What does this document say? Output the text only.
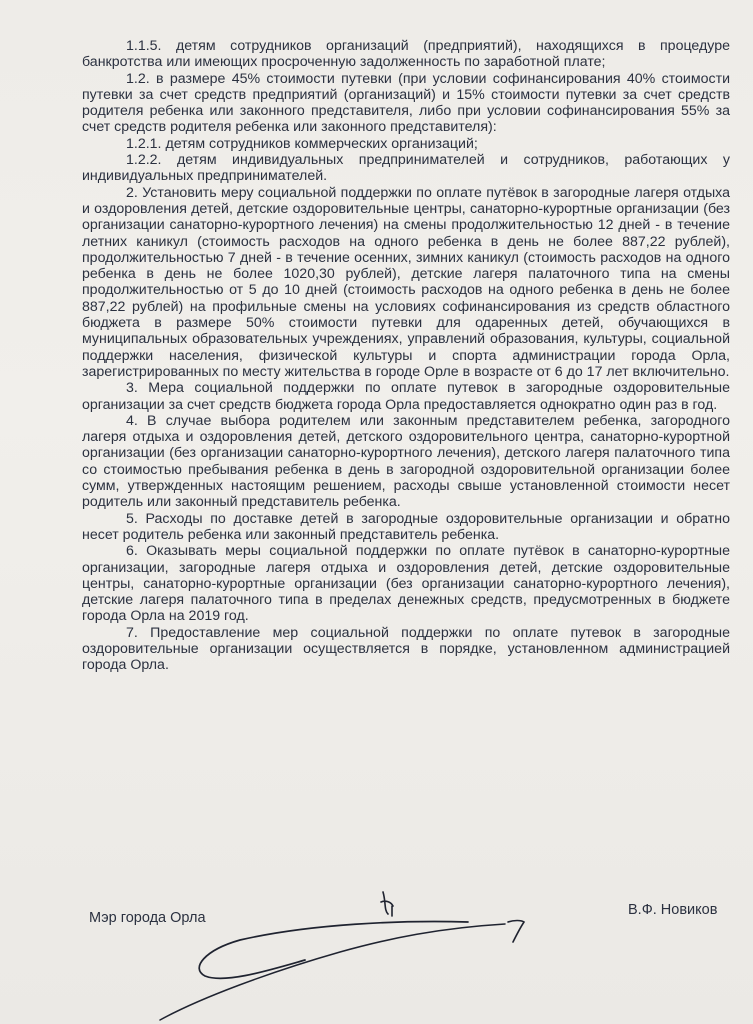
1.1.5. детям сотрудников организаций (предприятий), находящихся в процедуре банкротства или имеющих просроченную задолженность по заработной плате;

1.2. в размере 45% стоимости путевки (при условии софинансирования 40% стоимости путевки за счет средств предприятий (организаций) и 15% стоимости путевки за счет средств родителя ребенка или законного представителя, либо при условии софинансирования 55% за счет средств родителя ребенка или законного представителя):

1.2.1. детям сотрудников коммерческих организаций;

1.2.2. детям индивидуальных предпринимателей и сотрудников, работающих у индивидуальных предпринимателей.

2. Установить меру социальной поддержки по оплате путёвок в загородные лагеря отдыха и оздоровления детей, детские оздоровительные центры, санаторно-курортные организации (без организации санаторно-курортного лечения) на смены продолжительностью 12 дней - в течение летних каникул (стоимость расходов на одного ребенка в день не более 887,22 рублей), продолжительностью 7 дней - в течение осенних, зимних каникул (стоимость расходов на одного ребенка в день не более 1020,30 рублей), детские лагеря палаточного типа на смены продолжительностью от 5 до 10 дней (стоимость расходов на одного ребенка в день не более 887,22 рублей) на профильные смены на условиях софинансирования из средств областного бюджета в размере 50% стоимости путевки для одаренных детей, обучающихся в муниципальных образовательных учреждениях, управлений образования, культуры, социальной поддержки населения, физической культуры и спорта администрации города Орла, зарегистрированных по месту жительства в городе Орле в возрасте от 6 до 17 лет включительно.

3. Мера социальной поддержки по оплате путевок в загородные оздоровительные организации за счет средств бюджета города Орла предоставляется однократно один раз в год.

4. В случае выбора родителем или законным представителем ребенка, загородного лагеря отдыха и оздоровления детей, детского оздоровительного центра, санаторно-курортной организации (без организации санаторно-курортного лечения), детского лагеря палаточного типа со стоимостью пребывания ребенка в день в загородной оздоровительной организации более сумм, утвержденных настоящим решением, расходы свыше установленной стоимости несет родитель или законный представитель ребенка.

5. Расходы по доставке детей в загородные оздоровительные организации и обратно несет родитель ребенка или законный представитель ребенка.

6. Оказывать меры социальной поддержки по оплате путёвок в санаторно-курортные организации, загородные лагеря отдыха и оздоровления детей, детские оздоровительные центры, санаторно-курортные организации (без организации санаторно-курортного лечения), детские лагеря палаточного типа в пределах денежных средств, предусмотренных в бюджете города Орла на 2019 год.

7. Предоставление мер социальной поддержки по оплате путевок в загородные оздоровительные организации осуществляется в порядке, установленном администрацией города Орла.

Мэр города Орла	В.Ф. Новиков
